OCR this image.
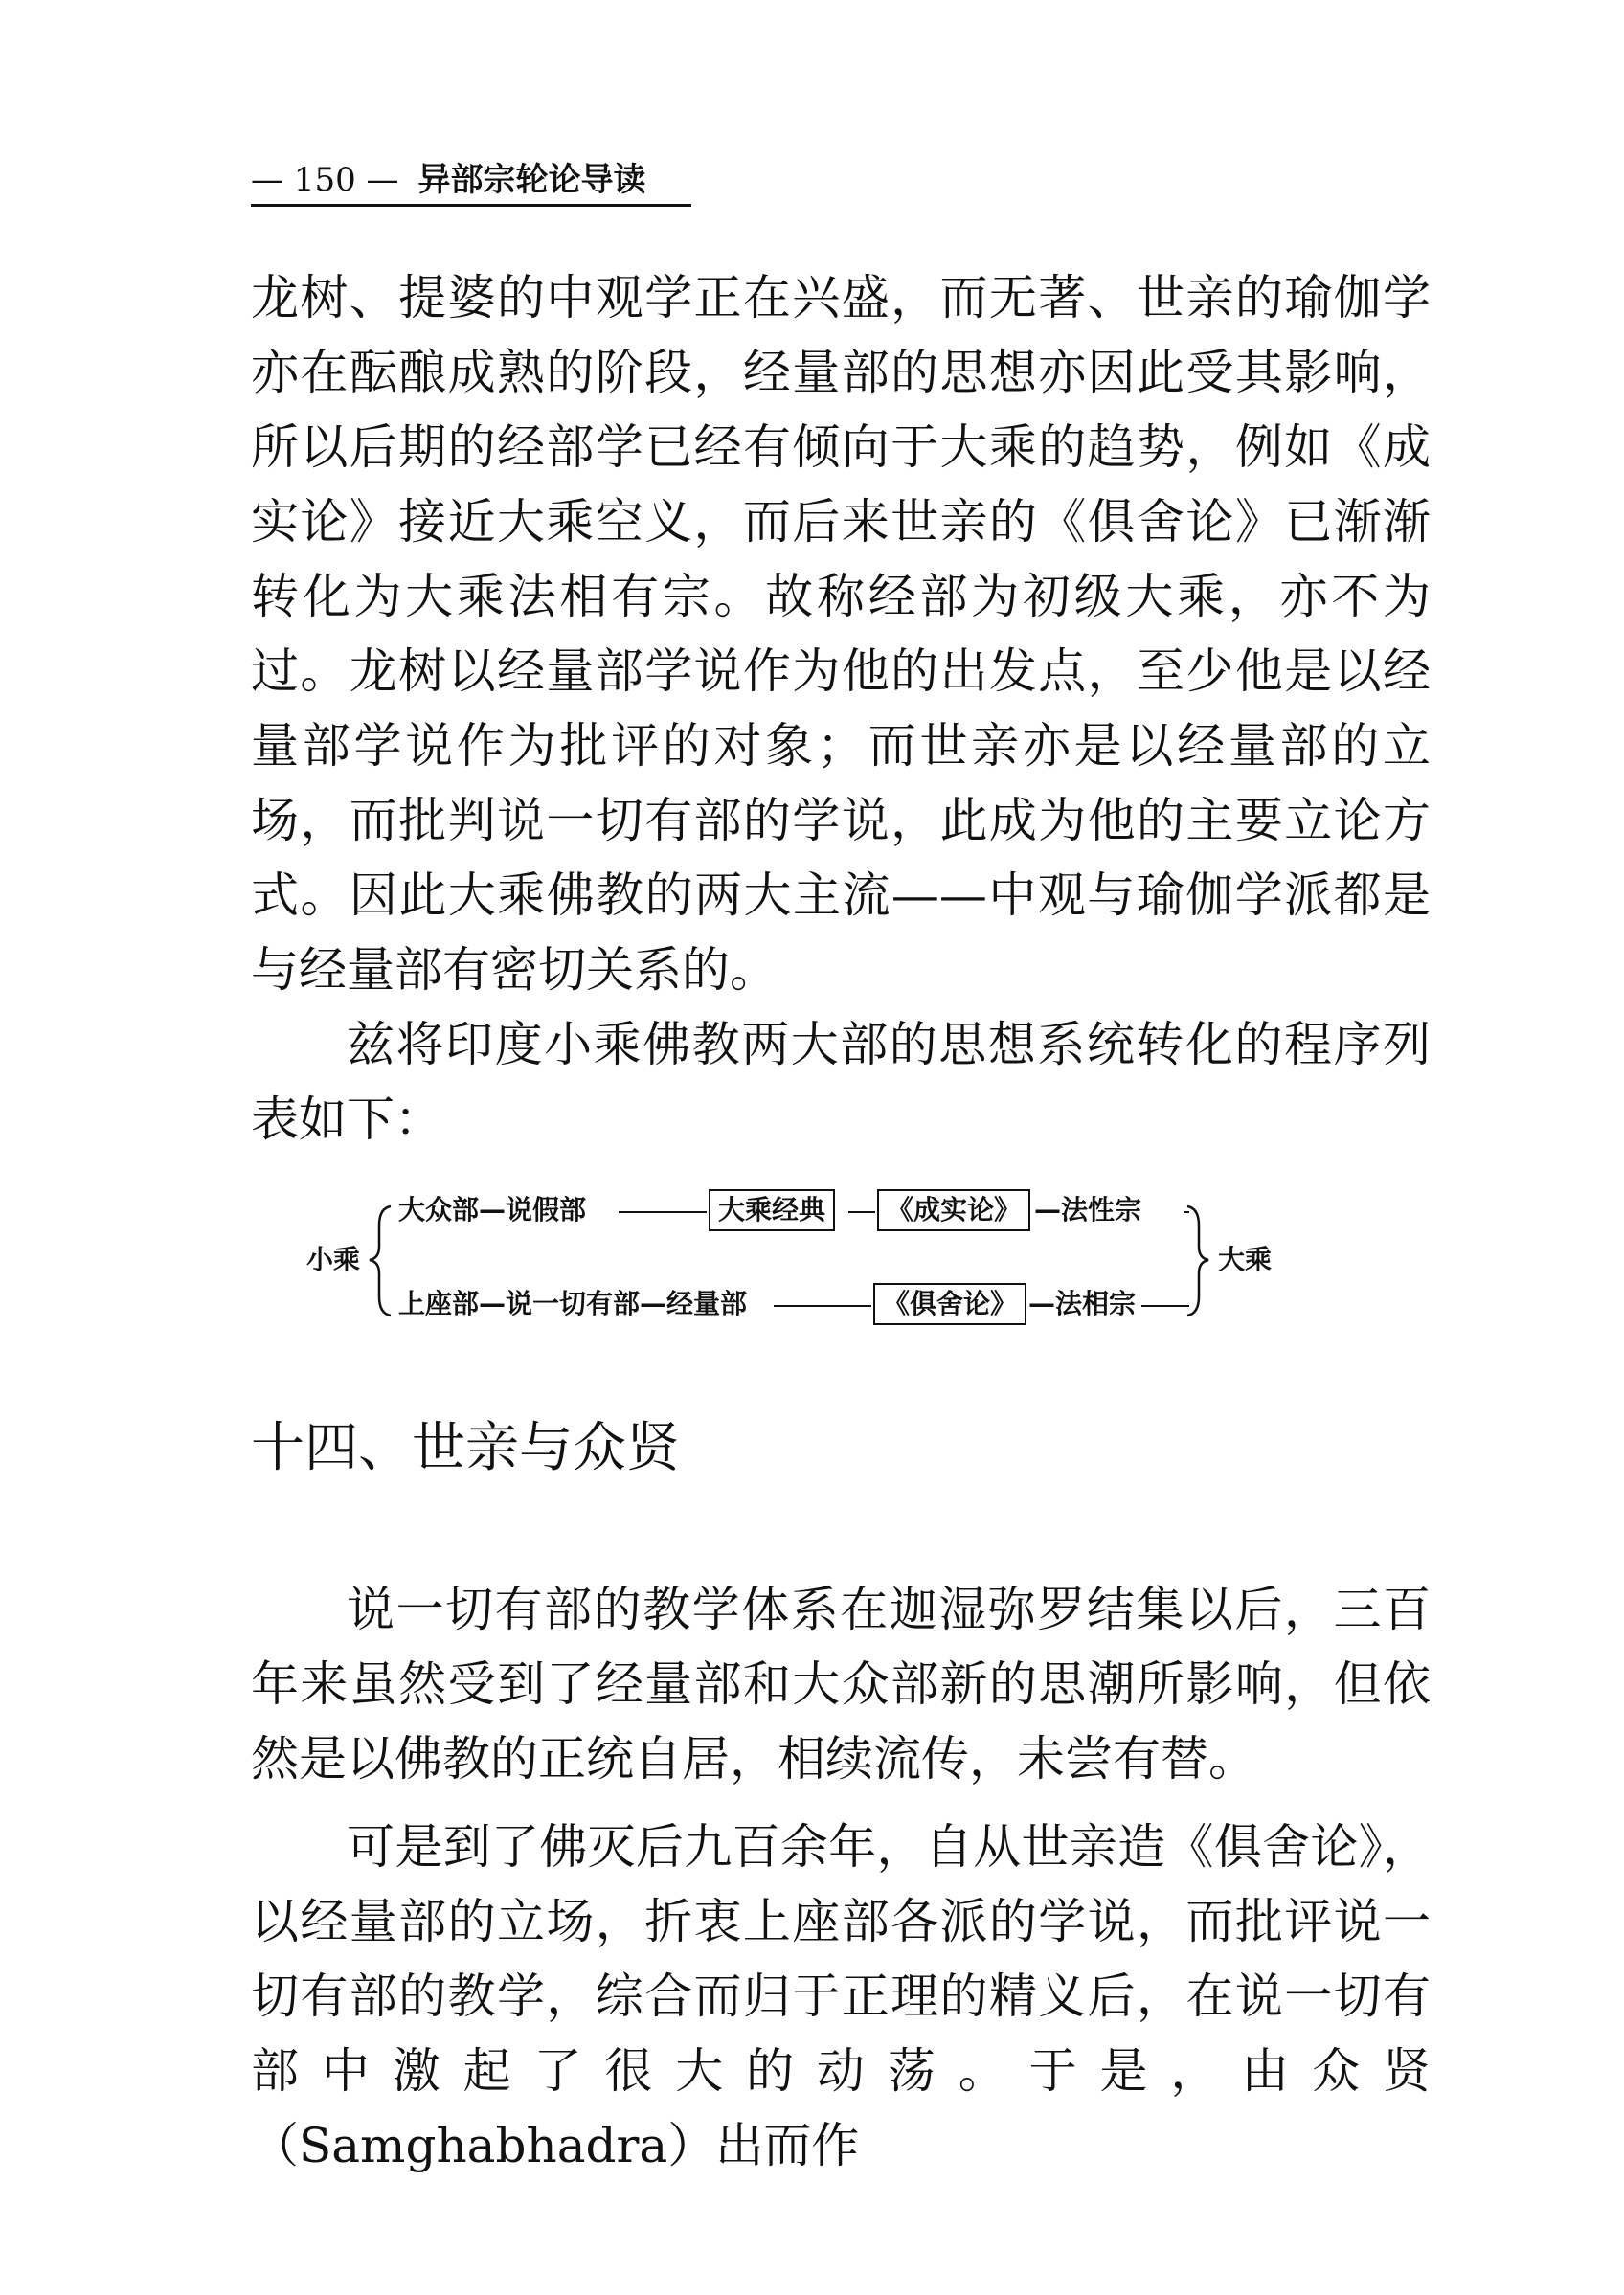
— 150 — 异部宗轮论导读

龙树、提婆的中观学正在兴盛，而无著、世亲的瑜伽学亦在酝酿成熟的阶段，经量部的思想亦因此受其影响，所以后期的经部学已经有倾向于大乘的趋势，例如《成实论》接近大乘空义，而后来世亲的《俱舍论》已渐渐转化为大乘法相有宗。故称经部为初级大乘，亦不为过。龙树以经量部学说作为他的出发点，至少他是以经量部学说作为批评的对象；而世亲亦是以经量部的立场，而批判说一切有部的学说，此成为他的主要立论方式。因此大乘佛教的两大主流——中观与瑜伽学派都是与经量部有密切关系的。

兹将印度小乘佛教两大部的思想系统转化的程序列表如下：

小乘	大乘
大众部—说假部	大乘经典	《成实论》 —法性宗
上座部—说一切有部—经量部	《俱舍论》 —法相宗
十四、世亲与众贤

说一切有部的教学体系在迦湿弥罗结集以后，三百年来虽然受到了经量部和大众部新的思潮所影响，但依然是以佛教的正统自居，相续流传，未尝有替。

可是到了佛灭后九百余年，自从世亲造《俱舍论》，以经量部的立场，折衷上座部各派的学说，而批评说一切有部的教学，综合而归于正理的精义后，在说一切有部中激起了很大的动荡。于是，由众贤（Samghabhadra）出而作
